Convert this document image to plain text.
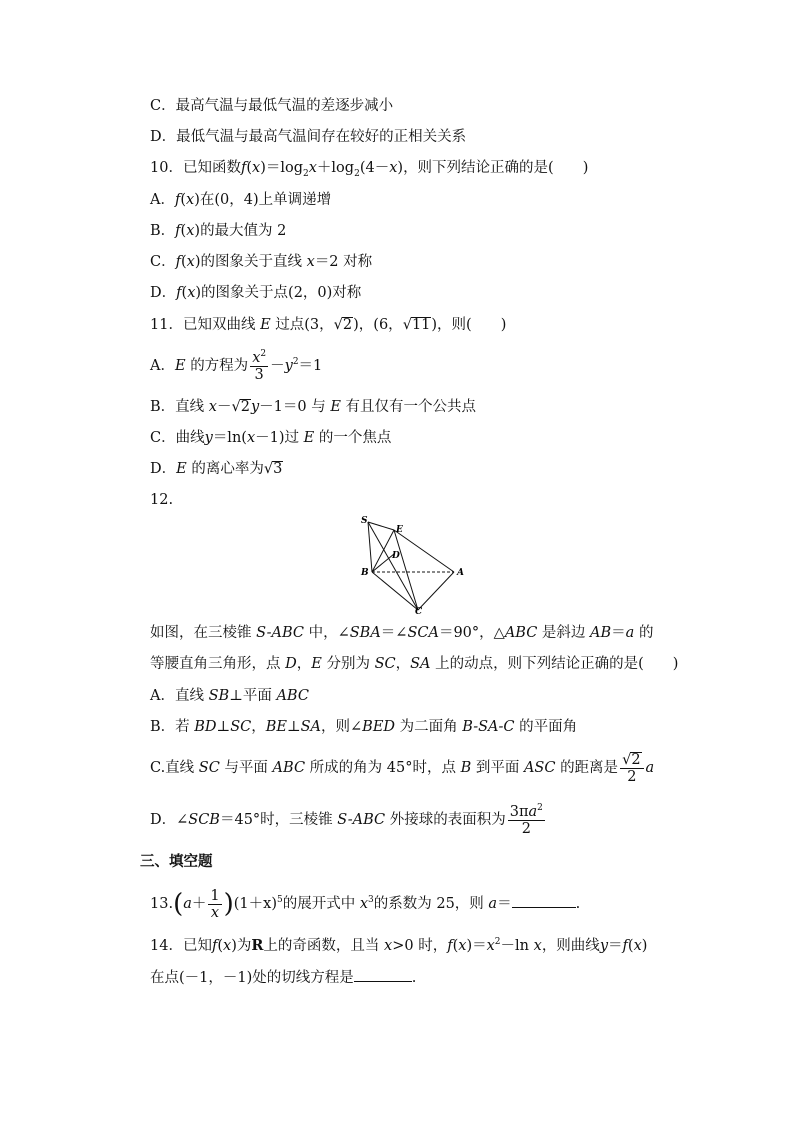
C．最高气温与最低气温的差逐步减小
D．最低气温与最高气温间存在较好的正相关关系
10．已知函数$f(x)=\log_2x+\log_2(4-x)$，则下列结论正确的是(　　)
A．f(x)在(0，4)上单调递增
B．f(x)的最大值为 2
C．f(x)的图象关于直线 x＝2 对称
D．f(x)的图象关于点(2，0)对称
11．已知双曲线 E 过点(3，√2)，(6，√11)，则(　　)
A．E 的方程为 $\frac{x^2}{3} -y^2=1$
B．直线 x－√2y－1＝0 与 E 有且仅有一个公共点
C．曲线y＝ln(x－1)过 E 的一个焦点
D．E 的离心率为√3
12.
S
E
D
B	A
C
如图，在三棱锥 S-ABC 中，∠SBA＝∠SCA＝90°，△ABC 是斜边 AB＝a 的
等腰直角三角形，点 D，E 分别为 SC，SA 上的动点，则下列结论正确的是(　　)
A．直线 SB⊥平面 ABC
B．若 BD⊥SC，BE⊥SA，则∠BED 为二面角 B-SA-C 的平面角
C.直线 SC 与平面 ABC 所成的角为 45°时，点 B 到平面 ASC 的距离是 $\frac{√2}{2}$ a
D．∠SCB＝45°时，三棱锥 S-ABC 外接球的表面积为 $\frac{3\pi a^2}{2}$
三、填空题
$13.(a+ \frac{1}{x} )(1+x)^5$的展开式中 $x^3$的系数为 25，则 a＝	.
14．已知f(x)为R上的奇函数，且当 x>0 时，$f(x)=x^2-\ln$ x，则曲线y＝f(x)
在点(－1，－1)处的切线方程是	.
